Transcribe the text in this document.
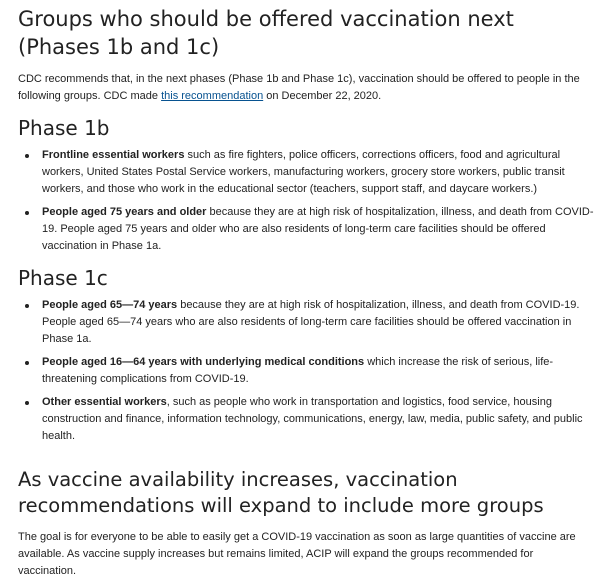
Groups who should be offered vaccination next (Phases 1b and 1c)

CDC recommends that, in the next phases (Phase 1b and Phase 1c), vaccination should be offered to people in the following groups. CDC made this recommendation on December 22, 2020.

Phase 1b
Frontline essential workers such as fire fighters, police officers, corrections officers, food and agricultural workers, United States Postal Service workers, manufacturing workers, grocery store workers, public transit workers, and those who work in the educational sector (teachers, support staff, and daycare workers.)
People aged 75 years and older because they are at high risk of hospitalization, illness, and death from COVID-19. People aged 75 years and older who are also residents of long-term care facilities should be offered vaccination in Phase 1a.
Phase 1c
People aged 65—74 years because they are at high risk of hospitalization, illness, and death from COVID-19. People aged 65—74 years who are also residents of long-term care facilities should be offered vaccination in Phase 1a.
People aged 16—64 years with underlying medical conditions which increase the risk of serious, life-threatening complications from COVID-19.
Other essential workers, such as people who work in transportation and logistics, food service, housing construction and finance, information technology, communications, energy, law, media, public safety, and public health.
As vaccine availability increases, vaccination recommendations will expand to include more groups

The goal is for everyone to be able to easily get a COVID-19 vaccination as soon as large quantities of vaccine are available. As vaccine supply increases but remains limited, ACIP will expand the groups recommended for vaccination.
